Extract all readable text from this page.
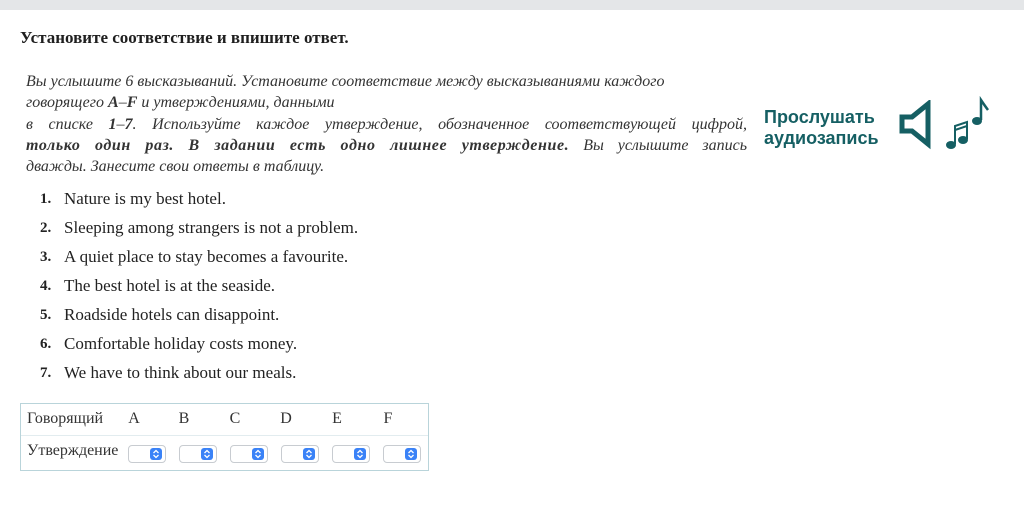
Установите соответствие и впишите ответ.
Вы услышите 6 высказываний. Установите соответствие между высказываниями каждого
говорящего A–F и утверждениями, данными
в списке 1–7. Используйте каждое утверждение, обозначенное соответствующей цифрой,
только один раз. В задании есть одно лишнее утверждение. Вы услышите запись
дважды. Занесите свои ответы в таблицу.
Прослушать
аудиозапись
1. Nature is my best hotel.
2. Sleeping among strangers is not a problem.
3. A quiet place to stay becomes a favourite.
4. The best hotel is at the seaside.
5. Roadside hotels can disappoint.
6. Comfortable holiday costs money.
7. We have to think about our meals.
Говорящий	A	B	C	D	E	F
Утверждение
